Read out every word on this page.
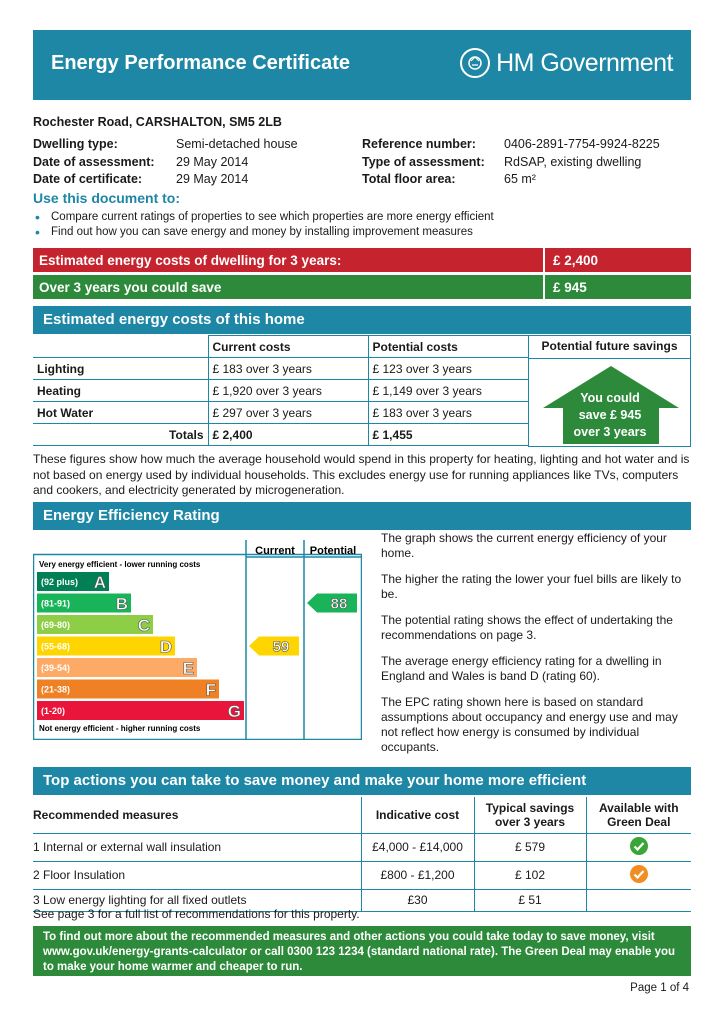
Energy Performance Certificate	HM Government
Rochester Road, CARSHALTON, SM5 2LB
Dwelling type:	Semi-detached house
Date of assessment: 29 May 2014
Date of certificate:	29 May 2014
Reference number: 0406-2891-7754-9924-8225
Type of assessment: RdSAP, existing dwelling
Total floor area:	65 m²
Use this document to:
• Compare current ratings of properties to see which properties are more energy efficient
• Find out how you can save energy and money by installing improvement measures
Estimated energy costs of dwelling for 3 years:	£ 2,400
Over 3 years you could save	£ 945
Estimated energy costs of this home
	Current costs	Potential costs
Lighting	£ 183 over 3 years	£ 123 over 3 years
Heating	£ 1,920 over 3 years	£ 1,149 over 3 years
Hot Water	£ 297 over 3 years	£ 183 over 3 years
Totals	£ 2,400	£ 1,455
Potential future savings
You could
save £ 945
over 3 years
These figures show how much the average household would spend in this property for heating, lighting and hot water and is not based on energy used by individual households. This excludes energy use for running appliances like TVs, computers and cookers, and electricity generated by microgeneration.
Energy Efficiency Rating
Current Potential
Very energy efficient - lower running costs
Not energy efficient - higher running costs
(92 plus) A
(81-91)	B
(69-80)	C
(55-68)	D
(39-54)	E
(21-38)	F
(1-20)	G
59
88

The graph shows the current energy efficiency of your home.

The higher the rating the lower your fuel bills are likely to be.

The potential rating shows the effect of undertaking the recommendations on page 3.

The average energy efficiency rating for a dwelling in England and Wales is band D (rating 60).

The EPC rating shown here is based on standard assumptions about occupancy and energy use and may not reflect how energy is consumed by individual occupants.

Top actions you can take to save money and make your home more efficient
Recommended measures	Indicative cost	Typical savings over 3 years	Available with Green Deal
1 Internal or external wall insulation	£4,000 - £14,000	£ 579	
2 Floor Insulation	£800 - £1,200	£ 102	
3 Low energy lighting for all fixed outlets	£30	£ 51	
See page 3 for a full list of recommendations for this property.
To find out more about the recommended measures and other actions you could take today to save money, visit www.gov.uk/energy-grants-calculator or call 0300 123 1234 (standard national rate). The Green Deal may enable you to make your home warmer and cheaper to run.
Page 1 of 4
